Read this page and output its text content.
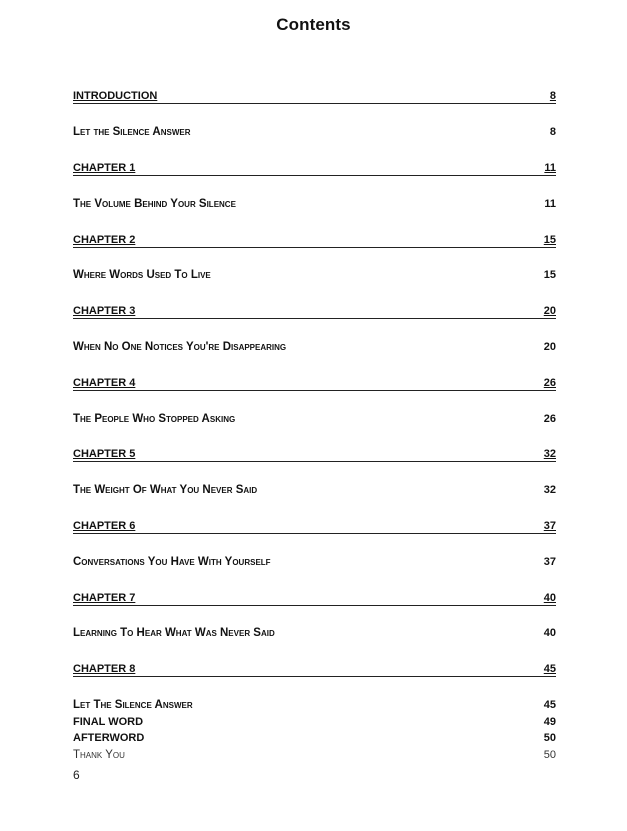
Contents
INTRODUCTION	8
Let the Silence Answer	8
CHAPTER 1	11
The Volume Behind Your Silence	11
CHAPTER 2	15
Where Words Used To Live	15
CHAPTER 3	20
When No One Notices You're Disappearing	20
CHAPTER 4	26
The People Who Stopped Asking	26
CHAPTER 5	32
The Weight Of What You Never Said	32
CHAPTER 6	37
Conversations You Have With Yourself	37
CHAPTER 7	40
Learning To Hear What Was Never Said	40
CHAPTER 8	45
Let The Silence Answer	45
FINAL WORD	49
AFTERWORD	50
Thank You	50
6
